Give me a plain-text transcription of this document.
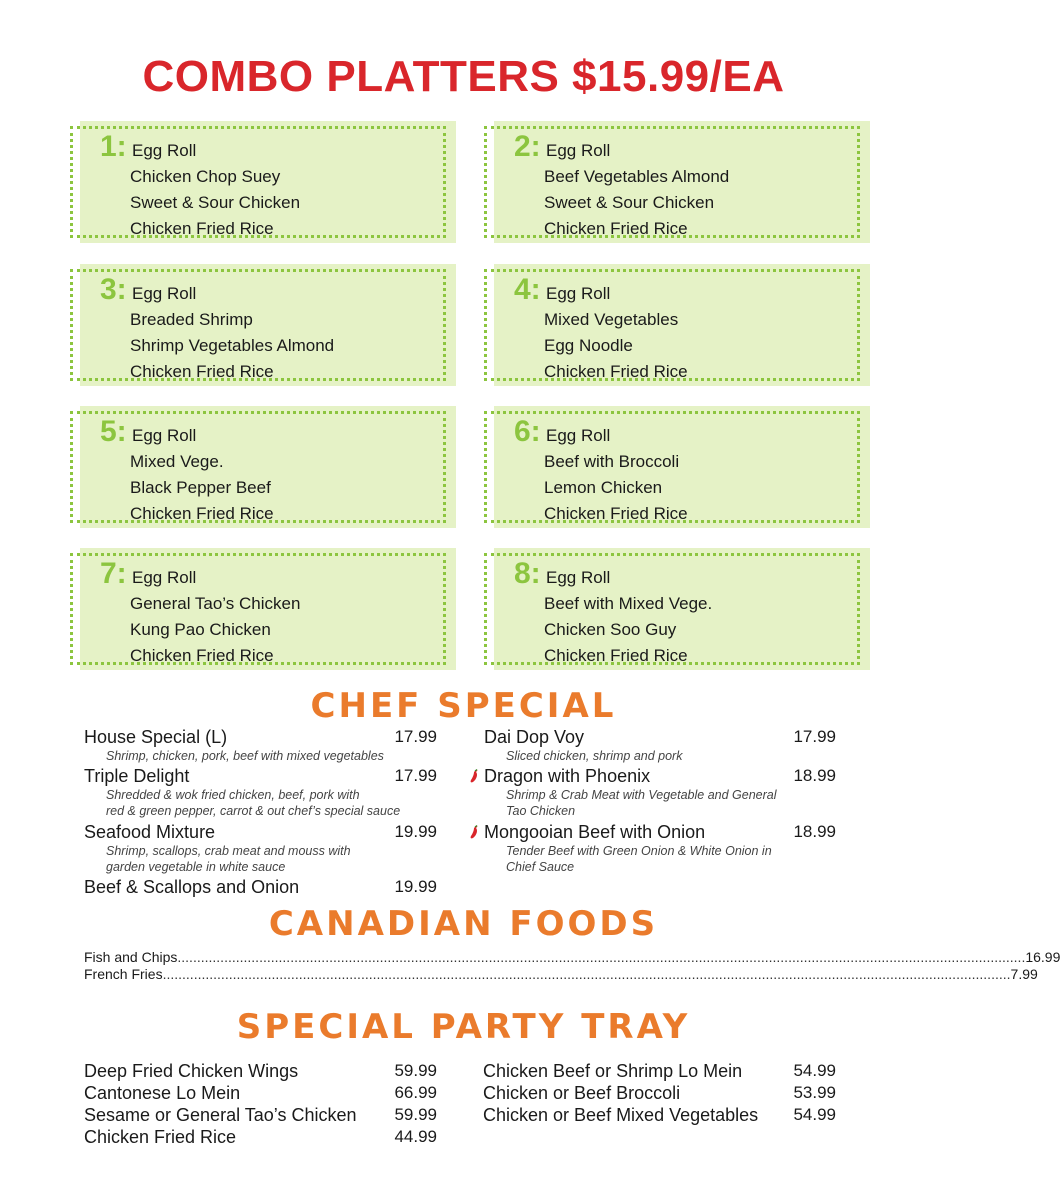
COMBO PLATTERS $15.99/EA
1: Egg Roll
Chicken Chop Suey
Sweet & Sour Chicken
Chicken Fried Rice
2: Egg Roll
Beef Vegetables Almond
Sweet & Sour Chicken
Chicken Fried Rice
3: Egg Roll
Breaded Shrimp
Shrimp Vegetables Almond
Chicken Fried Rice
4: Egg Roll
Mixed Vegetables
Egg Noodle
Chicken Fried Rice
5: Egg Roll
Mixed Vege.
Black Pepper Beef
Chicken Fried Rice
6: Egg Roll
Beef with Broccoli
Lemon Chicken
Chicken Fried Rice
7: Egg Roll
General Tao’s Chicken
Kung Pao Chicken
Chicken Fried Rice
8: Egg Roll
Beef with Mixed Vege.
Chicken Soo Guy
Chicken Fried Rice
CHEF SPECIAL
House Special (L)	17.99
Shrimp, chicken, pork, beef with mixed vegetables
Triple Delight	17.99
Shredded & wok fried chicken, beef, pork with
red & green pepper, carrot & out chef’s special sauce
Seafood Mixture	19.99
Shrimp, scallops, crab meat and mouss with
garden vegetable in white sauce
Beef & Scallops and Onion	19.99
Dai Dop Voy	17.99
Sliced chicken, shrimp and pork
Dragon with Phoenix	18.99
Shrimp & Crab Meat with Vegetable and General
Tao Chicken
Mongooian Beef with Onion	18.99
Tender Beef with Green Onion & White Onion in
Chief Sauce
CANADIAN FOODS
Fish and Chips .......................................................................................................................................................................................................................... 16.99
French Fries .......................................................................................................................................................................................................................... 7.99
SPECIAL PARTY TRAY
Deep Fried Chicken Wings	59.99
Cantonese Lo Mein	66.99
Sesame or General Tao’s Chicken 59.99
Chicken Fried Rice	44.99
Chicken Beef or Shrimp Lo Mein	54.99
Chicken or Beef Broccoli	53.99
Chicken or Beef Mixed Vegetables 54.99
